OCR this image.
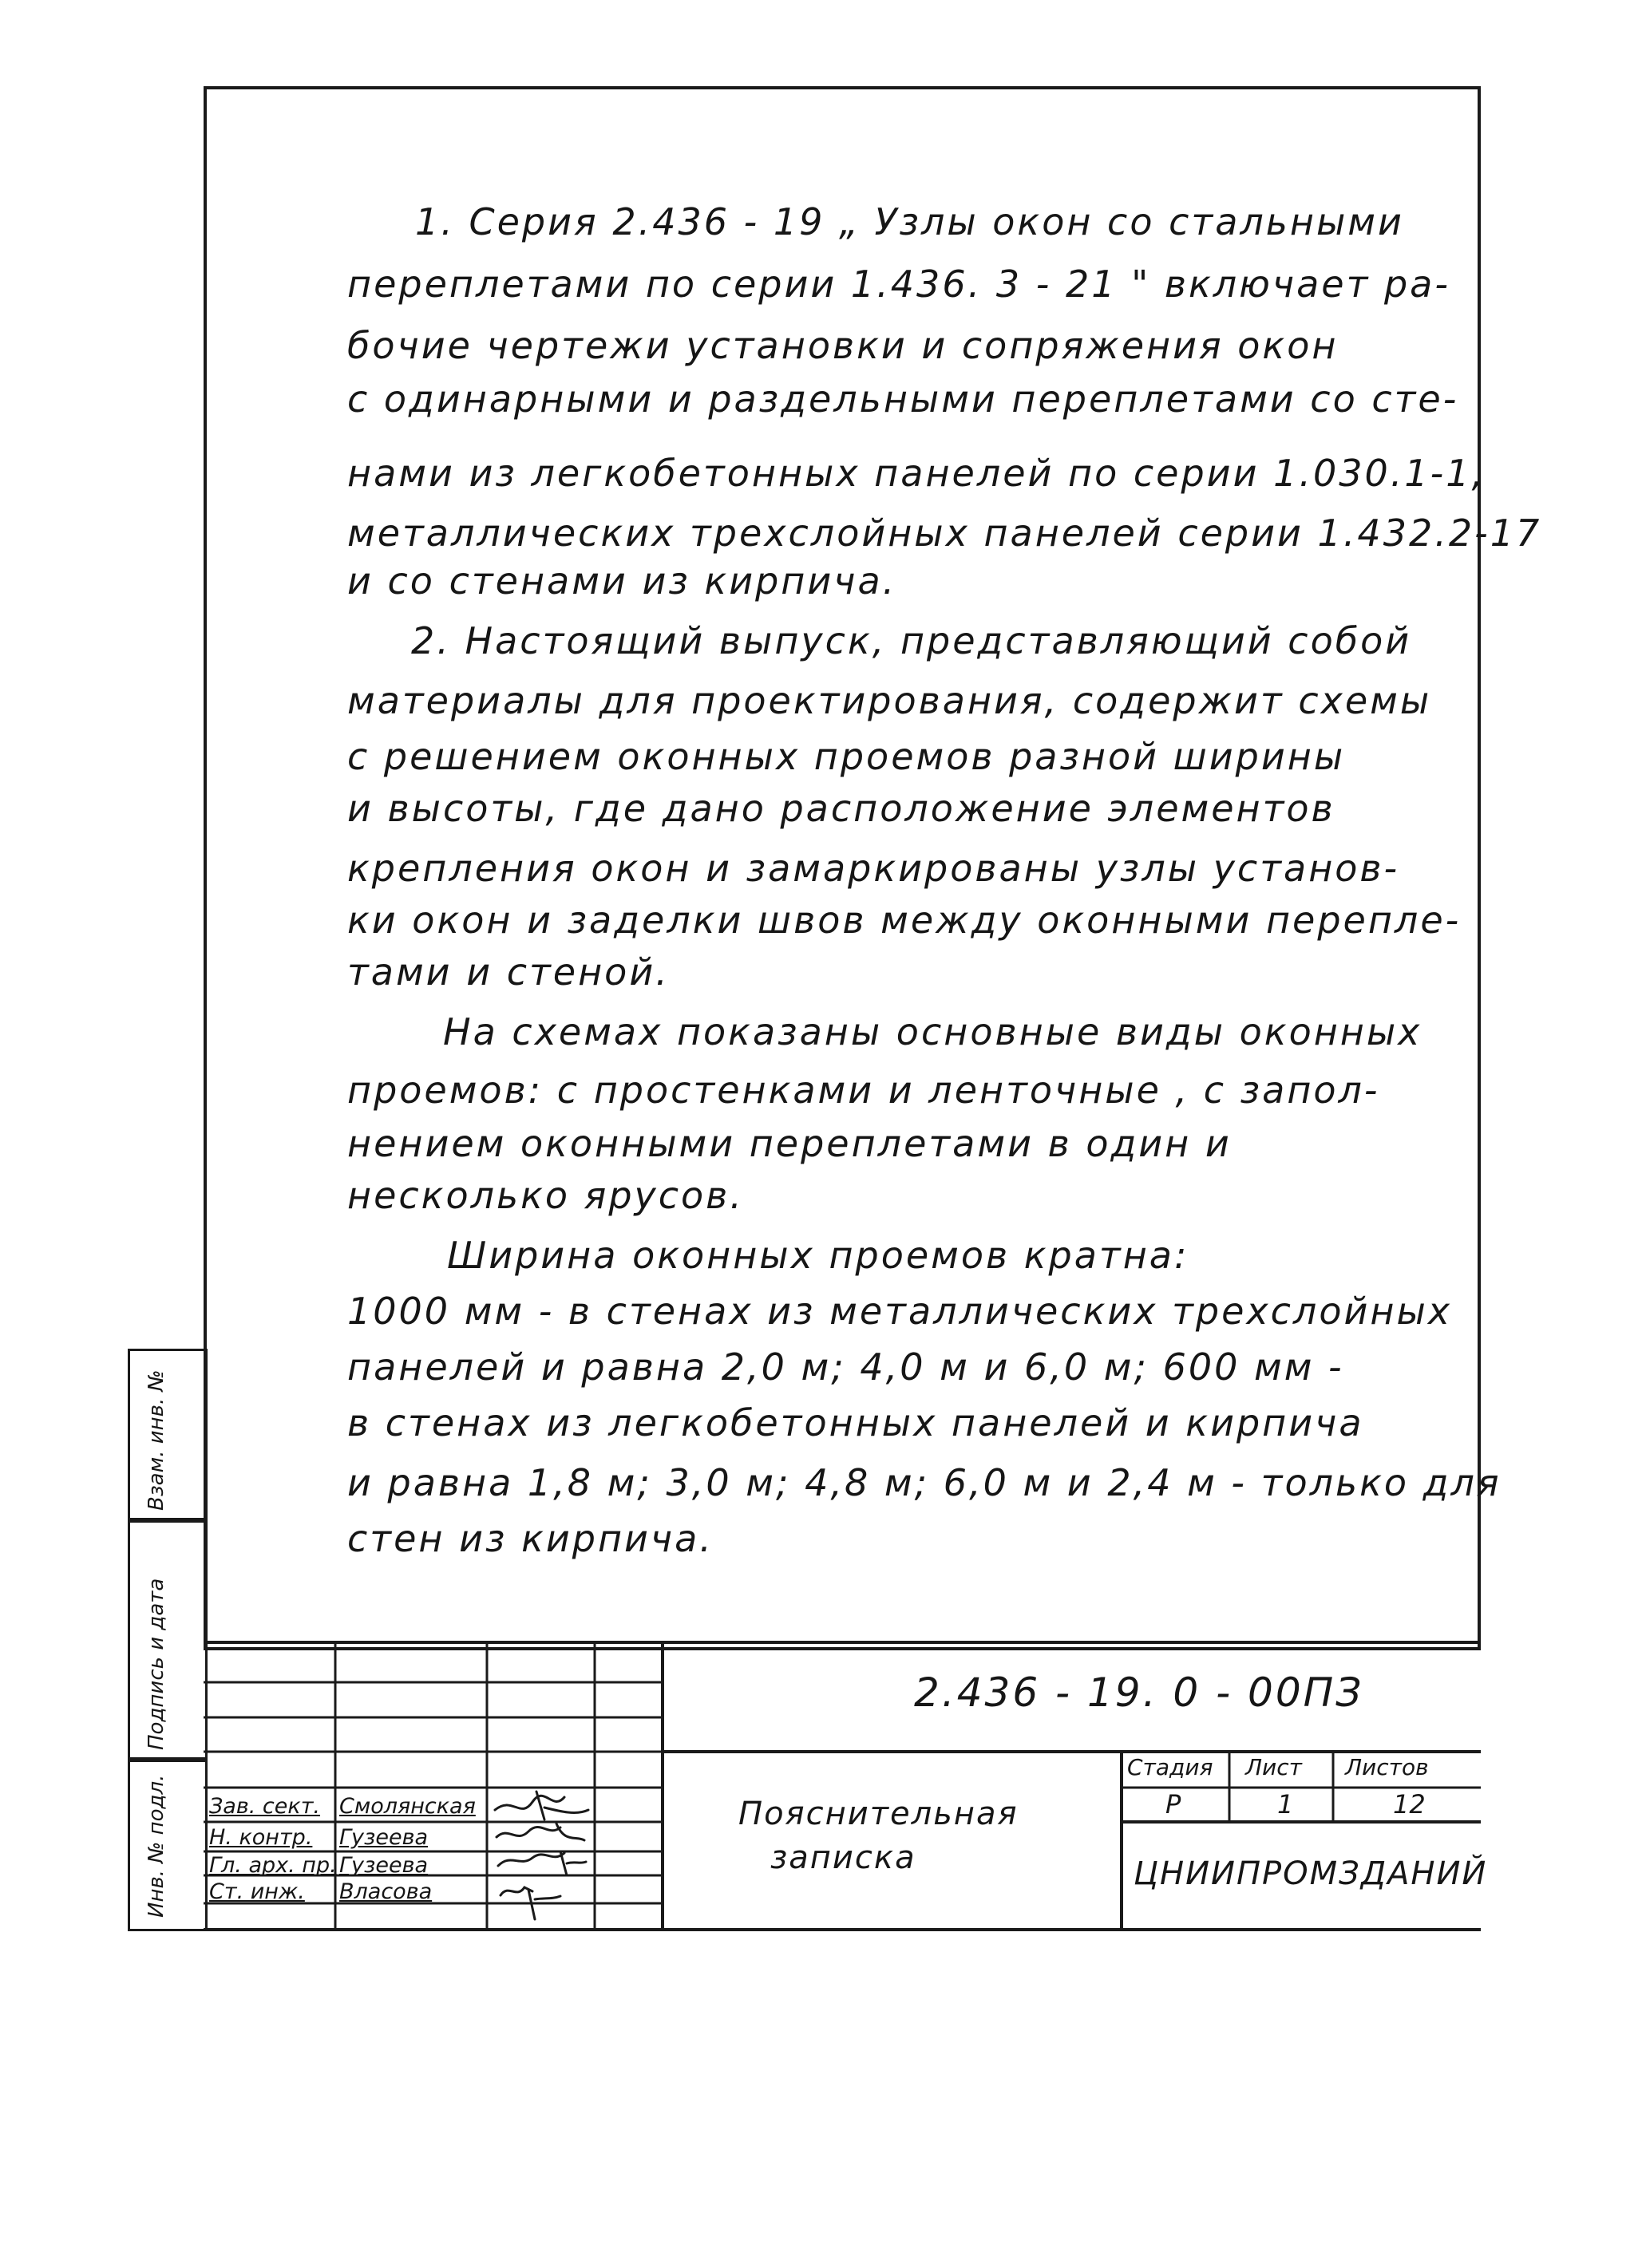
1. Серия 2.436 - 19 „ Узлы окон со стальными
переплетами по серии 1.436. 3 - 21 " включает ра-
бочие чертежи установки и сопряжения окон
с одинарными и раздельными переплетами со сте-
нами из легкобетонных панелей по серии 1.030.1-1,
металлических трехслойных панелей серии 1.432.2-17
и со стенами из кирпича.
2. Настоящий выпуск, представляющий собой
материалы для проектирования, содержит схемы
с решением оконных проемов разной ширины
и высоты, где дано расположение элементов
крепления окон и замаркированы узлы установ-
ки окон и заделки швов между оконными переплe-
тами и стеной.
На схемах показаны основные виды оконных
проемов: с простенками и ленточные , с запол-
нением оконными переплетами в один и
несколько ярусов.
Ширина оконных проемов кратна:
1000 мм - в стенах из металлических трехслойных
панелей и равна 2,0 м; 4,0 м и 6,0 м; 600 мм -
в стенах из легкобетонных панелей и кирпича
и равна 1,8 м; 3,0 м; 4,8 м; 6,0 м и 2,4 м - только для
стен из кирпича.
Взам. инв. №
Подпись и дата
Инв. № подл.
2.436 - 19. 0 - 00ПЗ
Пояснительная
записка
Стадия Лист Листов
Р	1	12
ЦНИИПРОМЗДАНИЙ
Зав. сект. Смолянская
Н. контр. Гузеева
Гл. арх. пр. Гузеева
Ст. инж. Власова
